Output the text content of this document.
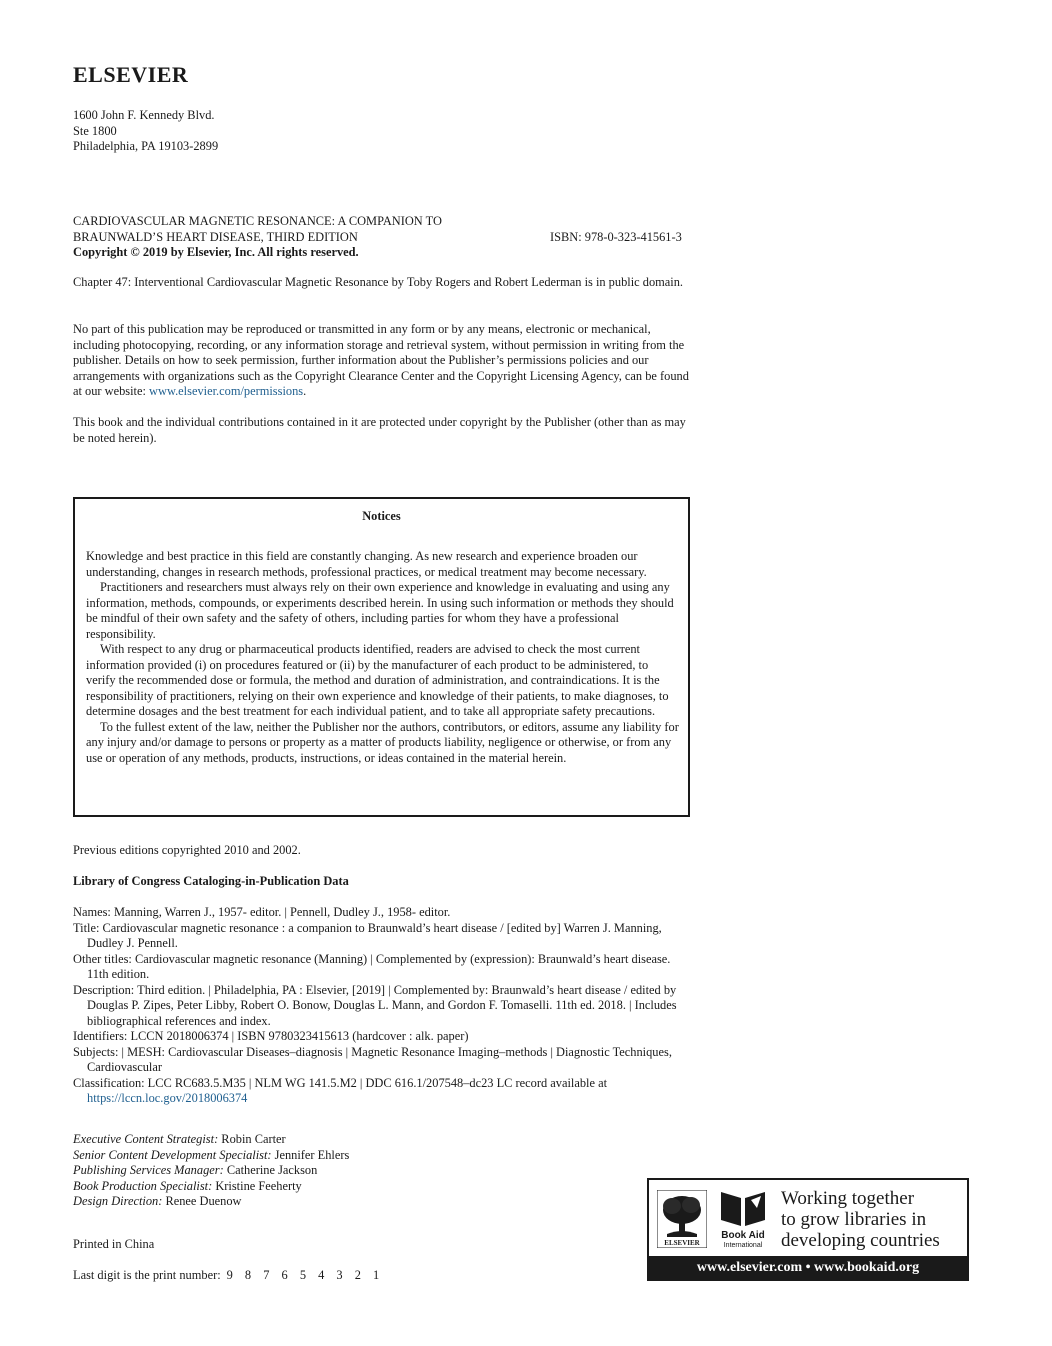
ELSEVIER
1600 John F. Kennedy Blvd.
Ste 1800
Philadelphia, PA 19103-2899
CARDIOVASCULAR MAGNETIC RESONANCE: A COMPANION TO
BRAUNWALD’S HEART DISEASE, THIRD EDITION	ISBN: 978-0-323-41561-3
Copyright © 2019 by Elsevier, Inc. All rights reserved.

Chapter 47: Interventional Cardiovascular Magnetic Resonance by Toby Rogers and Robert Lederman is in public domain.

No part of this publication may be reproduced or transmitted in any form or by any means, electronic or mechanical, including photocopying, recording, or any information storage and retrieval system, without permission in writing from the publisher. Details on how to seek permission, further information about the Publisher’s permissions policies and our arrangements with organizations such as the Copyright Clearance Center and the Copyright Licensing Agency, can be found at our website: www.elsevier.com/permissions.

This book and the individual contributions contained in it are protected under copyright by the Publisher (other than as may be noted herein).

Notices

Knowledge and best practice in this field are constantly changing. As new research and experience broaden our understanding, changes in research methods, professional practices, or medical treatment may become necessary.

Practitioners and researchers must always rely on their own experience and knowledge in evaluating and using any information, methods, compounds, or experiments described herein. In using such information or methods they should be mindful of their own safety and the safety of others, including parties for whom they have a professional responsibility.

With respect to any drug or pharmaceutical products identified, readers are advised to check the most current information provided (i) on procedures featured or (ii) by the manufacturer of each product to be administered, to verify the recommended dose or formula, the method and duration of administration, and contraindications. It is the responsibility of practitioners, relying on their own experience and knowledge of their patients, to make diagnoses, to determine dosages and the best treatment for each individual patient, and to take all appropriate safety precautions.

To the fullest extent of the law, neither the Publisher nor the authors, contributors, or editors, assume any liability for any injury and/or damage to persons or property as a matter of products liability, negligence or otherwise, or from any use or operation of any methods, products, instructions, or ideas contained in the material herein.

Previous editions copyrighted 2010 and 2002.
Library of Congress Cataloging-in-Publication Data
Names: Manning, Warren J., 1957- editor. | Pennell, Dudley J., 1958- editor.
Title: Cardiovascular magnetic resonance : a companion to Braunwald’s heart disease / [edited by] Warren J. Manning, Dudley J. Pennell.
Other titles: Cardiovascular magnetic resonance (Manning) | Complemented by (expression): Braunwald’s heart disease. 11th edition.
Description: Third edition. | Philadelphia, PA : Elsevier, [2019] | Complemented by: Braunwald’s heart disease / edited by Douglas P. Zipes, Peter Libby, Robert O. Bonow, Douglas L. Mann, and Gordon F. Tomaselli. 11th ed. 2018. | Includes bibliographical references and index.
Identifiers: LCCN 2018006374 | ISBN 9780323415613 (hardcover : alk. paper)
Subjects: | MESH: Cardiovascular Diseases–diagnosis | Magnetic Resonance Imaging–methods | Diagnostic Techniques, Cardiovascular
Classification: LCC RC683.5.M35 | NLM WG 141.5.M2 | DDC 616.1/207548–dc23 LC record available at https://lccn.loc.gov/2018006374
Executive Content Strategist: Robin Carter
Senior Content Development Specialist: Jennifer Ehlers
Publishing Services Manager: Catherine Jackson
Book Production Specialist: Kristine Feeherty
Design Direction: Renee Duenow
Printed in China
Last digit is the print number: 9 8 7 6 5 4 3 2 1
ELSEVIER
Book Aid
International
Working together
to grow libraries in
developing countries
www.elsevier.com • www.bookaid.org
